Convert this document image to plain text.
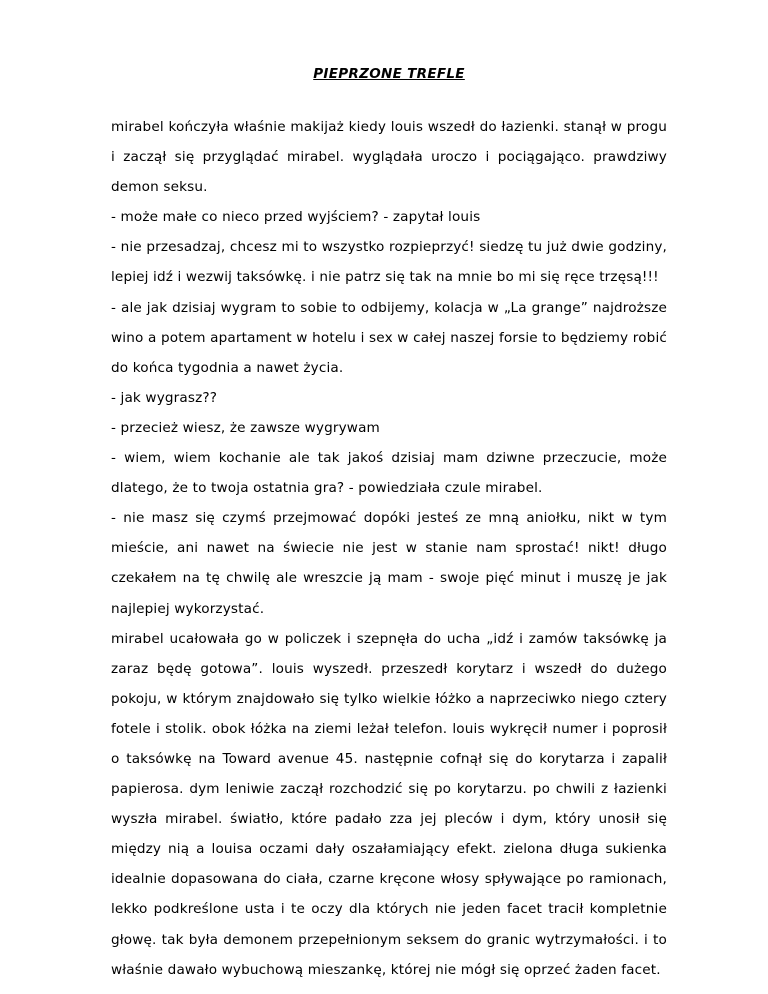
PIEPRZONE TREFLE

mirabel kończyła właśnie makijaż kiedy louis wszedł do łazienki. stanął w progu i zaczął się przyglądać mirabel. wyglądała uroczo i pociągająco. prawdziwy demon seksu.

- może małe co nieco przed wyjściem? - zapytał louis

- nie przesadzaj, chcesz mi to wszystko rozpieprzyć! siedzę tu już dwie godziny, lepiej idź i wezwij taksówkę. i nie patrz się tak na mnie bo mi się ręce trzęsą!!!

- ale jak dzisiaj wygram to sobie to odbijemy, kolacja w „La grange” najdroższe wino a potem apartament w hotelu i sex w całej naszej forsie to będziemy robić do końca tygodnia a nawet życia.

- jak wygrasz??

- przecież wiesz, że zawsze wygrywam

- wiem, wiem kochanie ale tak jakoś dzisiaj mam dziwne przeczucie, może dlatego, że to twoja ostatnia gra? - powiedziała czule mirabel.

- nie masz się czymś przejmować dopóki jesteś ze mną aniołku, nikt w tym mieście, ani nawet na świecie nie jest w stanie nam sprostać! nikt! długo czekałem na tę chwilę ale wreszcie ją mam - swoje pięć minut i muszę je jak najlepiej wykorzystać.

mirabel ucałowała go w policzek i szepnęła do ucha „idź i zamów taksówkę ja zaraz będę gotowa”. louis wyszedł. przeszedł korytarz i wszedł do dużego pokoju, w którym znajdowało się tylko wielkie łóżko a naprzeciwko niego cztery fotele i stolik. obok łóżka na ziemi leżał telefon. louis wykręcił numer i poprosił o taksówkę na Toward avenue 45. następnie cofnął się do korytarza i zapalił papierosa. dym leniwie zaczął rozchodzić się po korytarzu. po chwili z łazienki wyszła mirabel. światło, które padało zza jej pleców i dym, który unosił się między nią a louisa oczami dały oszałamiający efekt. zielona długa sukienka idealnie dopasowana do ciała, czarne kręcone włosy spływające po ramionach, lekko podkreślone usta i te oczy dla których nie jeden facet tracił kompletnie głowę. tak była demonem przepełnionym seksem do granic wytrzymałości. i to właśnie dawało wybuchową mieszankę, której nie mógł się oprzeć żaden facet.
